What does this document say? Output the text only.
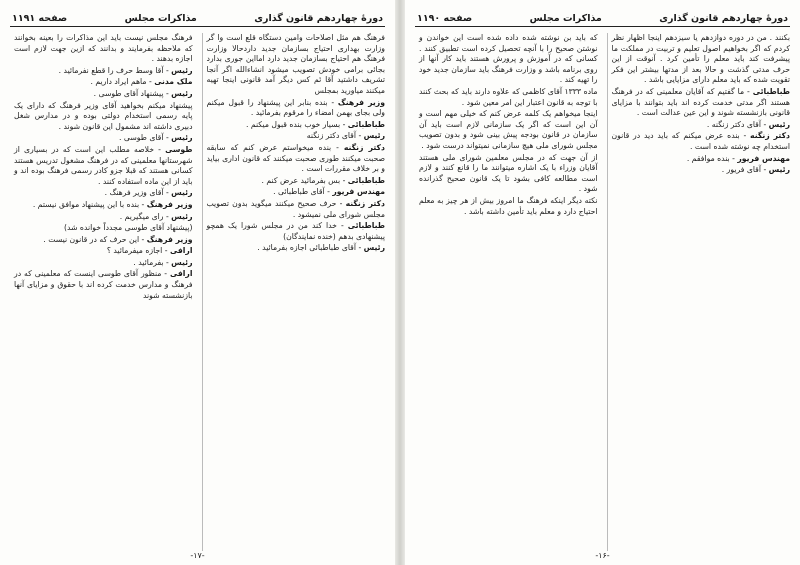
دورهٔ چهاردهم قانون گذاری
مذاکرات مجلس
صفحه ۱۱۹۱

فرهنگ هم مثل اصلاحات وامین دستگاه قلع است وا گر وزارت بهداری احتیاج بسازمان جدید داردحالا وزارت فرهنگ هم احتیاج بسازمان جدید دارد امااین جوری بدارد بجائی برامی خودش تصویب میشود انشاءالله اگر آنجا تشریف داشتید آقا ئم کس دیگر آمد قانونی اینجا تهیه میکنند میاورید بمجلس

وزیر فرهنگ - بنده بنابر این پیشنهاد را قبول میکنم ولی بجای بهمن امضاء را مرقوم بفرمائید .

طباطبائی - بسیار خوب بنده قبول میکنم .

رئیس - آقای دکتر زنگنه

دکتر زنگنه - بنده میخواستم عرض کنم که سابقه صحبت میکنند طوری صحبت میکنند که قانون اداری بیاید و بر خلاف مقررات است .

طباطبائی - بس بفرمائید عرض کنم .

مهندس فریور - آقای طباطبائی .

دکتر زنگنه - حرف صحیح میکنند میگوید بدون تصویب مجلس شورای ملی نمیشود .

طباطبائی - خدا کند من در مجلس شورا یک همچو پیشنهادی بدهم (خنده نمایندگان)

رئیس - آقای طباطبائی اجازه بفرمائید .

فرهنگ مجلس نیست باید این مذاکرات را بعینه بخوانند که ملاحظه بفرمایند و بدانند که ازین جهت لازم است اجازه بدهند .

رئیس - آقا وسط حرف را قطع نفرمائید .

ملک مدنی - ماهم ایراد داریم .

رئیس - پیشنهاد آقای طوسی .

پیشنهاد میکنم بخواهید آقای وزیر فرهنگ که دارای یک پایه رسمی استخدام دولتی بوده و در مدارس شغل دبیری داشته اند مشمول این قانون شوند .

رئیس - آقای طوسی .

طوسی - خلاصه مطلب این است که در بسیاری از شهرستانها معلمینی که در فرهنگ مشغول تدریس هستند کسانی هستند که قبلا جزو کادر رسمی فرهنگ بوده اند و باید از این ماده استفاده کنند .

رئیس - آقای وزیر فرهنگ .

وزیر فرهنگ - بنده با این پیشنهاد موافق نیستم .

رئیس - رای میگیریم .

(پیشنهاد آقای طوسی مجدداً خوانده شد)

وزیر فرهنگ - این حرف که در قانون نیست .

ارافی - اجازه میفرمائید ؟

رئیس - بفرمائید .

ارافی - منظور آقای طوسی اینست که معلمینی که در فرهنگ و مدارس خدمت کرده اند با حقوق و مزایای آنها بازنشسته شوند

-۱۷-
دورهٔ چهاردهم قانون گذاری
مذاکرات مجلس
صفحه ۱۱۹۰

بکنند . من در دوره دوازدهم یا سیزدهم اینجا اظهار نظر کردم که اگر بخواهیم اصول تعلیم و تربیت در مملکت ما پیشرفت کند باید معلم را تأمین کرد . آنوقت از این حرف مدتی گذشت و حالا بعد از مدتها بیشتر این فکر تقویت شده که باید معلم دارای مزایایی باشد .

طباطبائی - ما گفتیم که آقایان معلمینی که در فرهنگ هستند اگر مدتی خدمت کرده اند باید بتوانند با مزایای قانونی بازنشسته شوند و این عین عدالت است .

رئیس - آقای دکتر زنگنه .

دکتر زنگنه - بنده عرض میکنم که باید دید در قانون استخدام چه نوشته شده است .

مهندس فریور - بنده موافقم .

رئیس - آقای فریور .

که باید بن نوشته شده داده شده است این خواندن و نوشتن صحیح را با آنچه تحصیل کرده است تطبیق کنند . کسانی که در آموزش و پرورش هستند باید کار آنها از روی برنامه باشد و وزارت فرهنگ باید سازمان جدید خود را تهیه کند .

ماده ۱۳۳۳ آقای کاظمی که علاوه دارند باید که بحث کنند با توجه به قانون اعتبار این امر معین شود .

اینجا میخواهم یک کلمه عرض کنم که خیلی مهم است و آن این است که اگر یک سازمانی لازم است باید آن سازمان در قانون بودجه پیش بینی شود و بدون تصویب مجلس شورای ملی هیچ سازمانی نمیتواند درست شود .

از آن جهت که در مجلس معلمین شورای ملی هستند آقایان وزراء با یک اشاره میتوانند ما را قانع کنند و لازم است مطالعه کافی بشود تا یک قانون صحیح گذرانده شود .

نکته دیگر اینکه فرهنگ ما امروز بیش از هر چیز به معلم احتیاج دارد و معلم باید تأمین داشته باشد .

-۱۶-
